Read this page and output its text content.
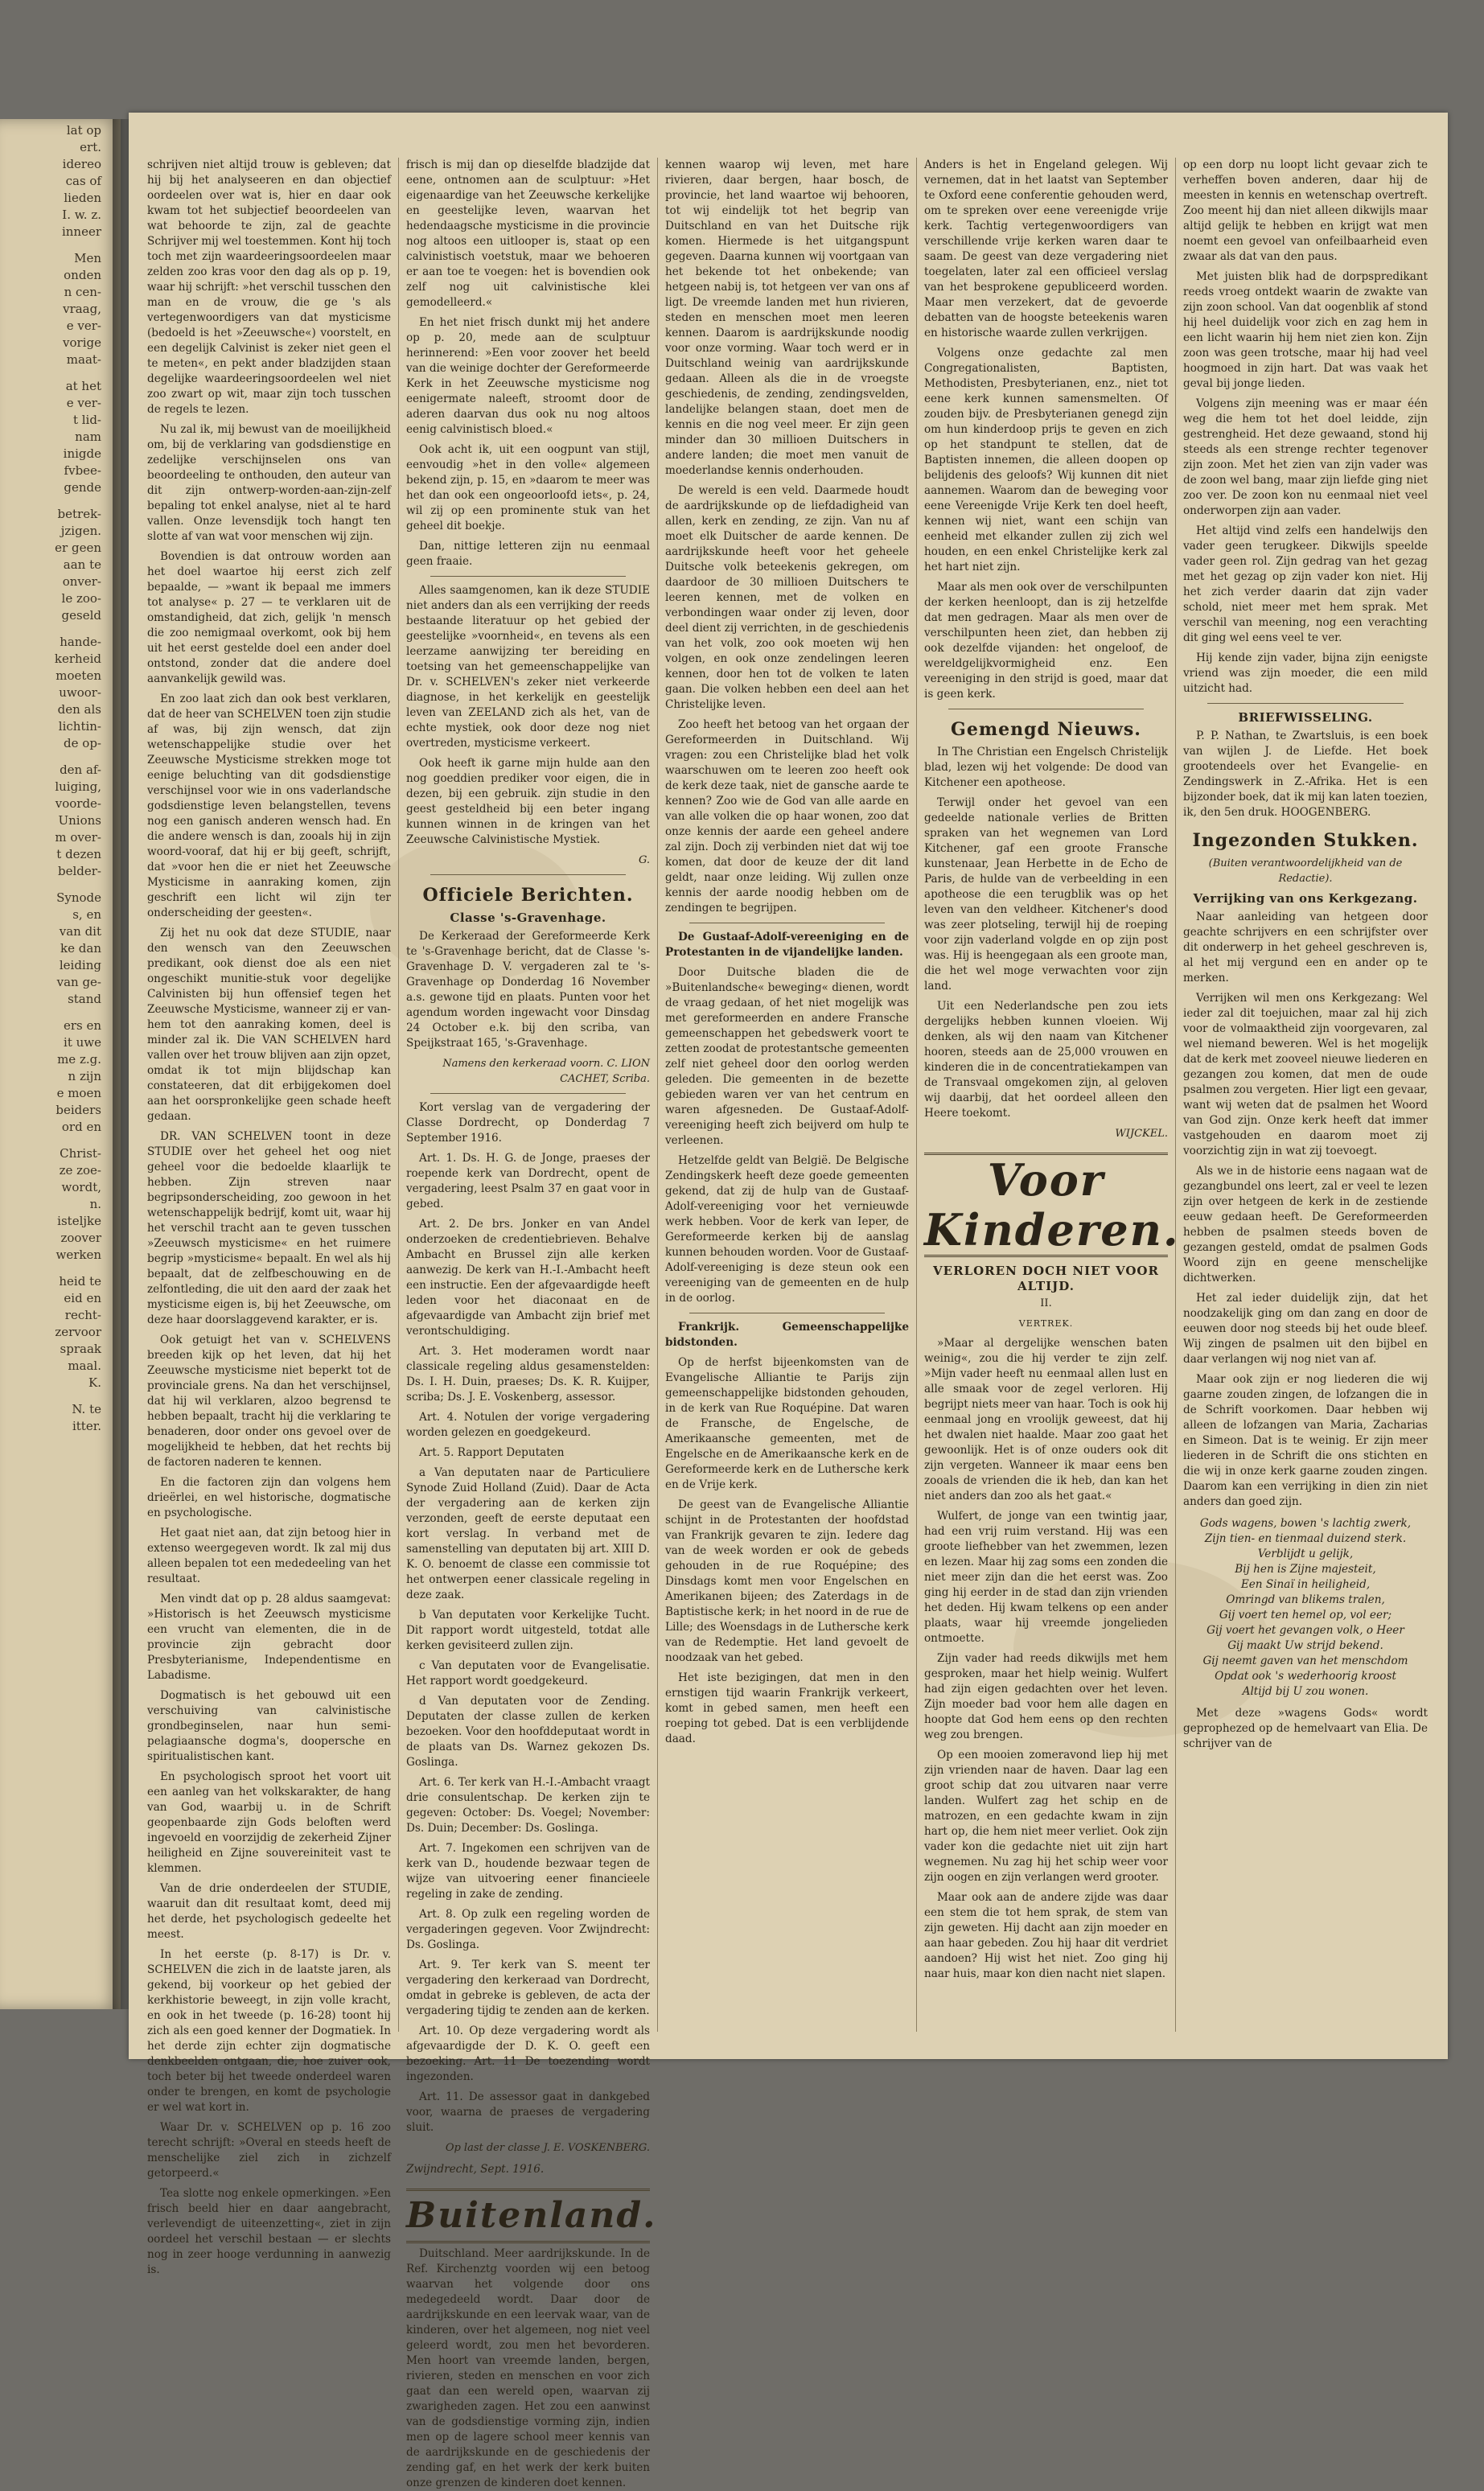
lat op
ert.
idereo
cas of
lieden
I. w. z.
inneer
Men
onden
n cen-
vraag,
e ver-
vorige
maat-
at het
e ver-
t lid-
nam
inigde
fvbee-
gende
betrek-
jzigen.
er geen
aan te
onver-
le zoo-
geseld
hande-
kerheid
moeten
uwoor-
den als
lichtin-
de op-
den af-
luiging,
voorde-
Unions
m over-
t dezen
belder-
Synode
s, en
van dit
ke dan
leiding
van ge-
stand
ers en
it uwe
me z.g.
n zijn
e moen
beiders
ord en
Christ-
ze zoe-
wordt,
n.
isteljke
zoover
werken
heid te
eid en
recht-
zervoor
spraak
maal.
K.
N. te
itter.

schrijven niet altijd trouw is gebleven; dat hij bij het analyseeren en dan objectief oordeelen over wat is, hier en daar ook kwam tot het subjectief beoordeelen van wat behoorde te zijn, zal de geachte Schrijver mij wel toestemmen. Kont hij toch toch met zijn waardeeringsoordeelen maar zelden zoo kras voor den dag als op p. 19, waar hij schrijft: »het verschil tusschen den man en de vrouw, die ge 's als vertegenwoordigers van dat mysticisme (bedoeld is het »Zeeuwsche«) voorstelt, en een degelijk Calvinist is zeker niet geen el te meten«, en pekt ander bladzijden staan degelijke waardeeringsoordeelen wel niet zoo zwart op wit, maar zijn toch tusschen de regels te lezen.

Nu zal ik, mij bewust van de moeilijkheid om, bij de verklaring van godsdienstige en zedelijke verschijnselen ons van beoordeeling te onthouden, den auteur van dit zijn ontwerp-worden-aan-zijn-zelf bepaling tot enkel analyse, niet al te hard vallen. Onze levensdijk toch hangt ten slotte af van wat voor menschen wij zijn.

Bovendien is dat ontrouw worden aan het doel waartoe hij eerst zich zelf bepaalde, — »want ik bepaal me immers tot analyse« p. 27 — te verklaren uit de omstandigheid, dat zich, gelijk 'n mensch die zoo nemigmaal overkomt, ook bij hem uit het eerst gestelde doel een ander doel ontstond, zonder dat die andere doel aanvankelijk gewild was.

En zoo laat zich dan ook best verklaren, dat de heer van SCHELVEN toen zijn studie af was, bij zijn wensch, dat zijn wetenschappelijke studie over het Zeeuwsche Mysticisme strekken moge tot eenige beluchting van dit godsdienstige verschijnsel voor wie in ons vaderlandsche godsdienstige leven belangstellen, tevens nog een ganisch anderen wensch had. En die andere wensch is dan, zooals hij in zijn woord-vooraf, dat hij er bij geeft, schrijft, dat »voor hen die er niet het Zeeuwsche Mysticisme in aanraking komen, zijn geschrift een licht wil zijn ter onderscheiding der geesten«.

Zij het nu ook dat deze STUDIE, naar den wensch van den Zeeuwschen predikant, ook dienst doe als een niet ongeschikt munitie-stuk voor degelijke Calvinisten bij hun offensief tegen het Zeeuwsche Mysticisme, wanneer zij er van-hem tot den aanraking komen, deel is minder zal ik. Die VAN SCHELVEN hard vallen over het trouw blijven aan zijn opzet, omdat ik tot mijn blijdschap kan constateeren, dat dit erbijgekomen doel aan het oorspronkelijke geen schade heeft gedaan.

DR. VAN SCHELVEN toont in deze STUDIE over het geheel het oog niet geheel voor die bedoelde klaarlijk te hebben. Zijn streven naar begripsonderscheiding, zoo gewoon in het wetenschappelijk bedrijf, komt uit, waar hij het verschil tracht aan te geven tusschen »Zeeuwsch mysticisme« en het ruimere begrip »mysticisme« bepaalt. En wel als hij bepaalt, dat de zelfbeschouwing en de zelfontleding, die uit den aard der zaak het mysticisme eigen is, bij het Zeeuwsche, om deze haar doorslaggevend karakter, er is.

Ook getuigt het van v. SCHELVENS breeden kijk op het leven, dat hij het Zeeuwsche mysticisme niet beperkt tot de provinciale grens. Na dan het verschijnsel, dat hij wil verklaren, alzoo begrensd te hebben bepaalt, tracht hij die verklaring te benaderen, door onder ons gevoel over de mogelijkheid te hebben, dat het rechts bij de factoren naderen te kennen.

En die factoren zijn dan volgens hem drieërlei, en wel historische, dogmatische en psychologische.

Het gaat niet aan, dat zijn betoog hier in extenso weergegeven wordt. Ik zal mij dus alleen bepalen tot een mededeeling van het resultaat.

Men vindt dat op p. 28 aldus saamgevat: »Historisch is het Zeeuwsch mysticisme een vrucht van elementen, die in de provincie zijn gebracht door Presbyterianisme, Independentisme en Labadisme.

Dogmatisch is het gebouwd uit een verschuiving van calvinistische grondbeginselen, naar hun semi-pelagiaansche dogma's, doopersche en spiritualistischen kant.

En psychologisch sproot het voort uit een aanleg van het volkskarakter, de hang van God, waarbij u. in de Schrift geopenbaarde zijn Gods beloften werd ingevoeld en voorzijdig de zekerheid Zijner heiligheid en Zijne souvereiniteit vast te klemmen.

Van de drie onderdeelen der STUDIE, waaruit dan dit resultaat komt, deed mij het derde, het psychologisch gedeelte het meest.

In het eerste (p. 8-17) is Dr. v. SCHELVEN die zich in de laatste jaren, als gekend, bij voorkeur op het gebied der kerkhistorie beweegt, in zijn volle kracht, en ook in het tweede (p. 16-28) toont hij zich als een goed kenner der Dogmatiek. In het derde zijn echter zijn dogmatische denkbeelden ontgaan, die, hoe zuiver ook, toch beter bij het tweede onderdeel waren onder te brengen, en komt de psychologie er wel wat kort in.

Waar Dr. v. SCHELVEN op p. 16 zoo terecht schrijft: »Overal en steeds heeft de menschelijke ziel zich in zichzelf getorpeerd.«

Tea slotte nog enkele opmerkingen. »Een frisch beeld hier en daar aangebracht, verlevendigt de uiteenzetting«, ziet in zijn oordeel het verschil bestaan — er slechts nog in zeer hooge verdunning in aanwezig is.

frisch is mij dan op dieselfde bladzijde dat eene, ontnomen aan de sculptuur: »Het eigenaardige van het Zeeuwsche kerkelijke en geestelijke leven, waarvan het hedendaagsche mysticisme in die provincie nog altoos een uitlooper is, staat op een calvinistisch voetstuk, maar we behoeren er aan toe te voegen: het is bovendien ook zelf nog uit calvinistische klei gemodelleerd.«

En het niet frisch dunkt mij het andere op p. 20, mede aan de sculptuur herinnerend: »Een voor zoover het beeld van die weinige dochter der Gereformeerde Kerk in het Zeeuwsche mysticisme nog eenigermate naleeft, stroomt door de aderen daarvan dus ook nu nog altoos eenig calvinistisch bloed.«

Ook acht ik, uit een oogpunt van stijl, eenvoudig »het in den volle« algemeen bekend zijn, p. 15, en »daarom te meer was het dan ook een ongeoorloofd iets«, p. 24, wil zij op een prominente stuk van het geheel dit boekje.

Dan, nittige letteren zijn nu eenmaal geen fraaie.

Alles saamgenomen, kan ik deze STUDIE niet anders dan als een verrijking der reeds bestaande literatuur op het gebied der geestelijke »voornheid«, en tevens als een leerzame aanwijzing ter bereiding en toetsing van het gemeenschappelijke van Dr. v. SCHELVEN's zeker niet verkeerde diagnose, in het kerkelijk en geestelijk leven van ZEELAND zich als het, van de echte mystiek, ook door deze nog niet overtreden, mysticisme verkeert.

Ook heeft ik garne mijn hulde aan den nog goeddien prediker voor eigen, die in dezen, bij een gebruik. zijn studie in den geest gesteldheid bij een beter ingang kunnen winnen in de kringen van het Zeeuwsche Calvinistische Mystiek.

G.
Officiele Berichten.
Classe 's-Gravenhage.

De Kerkeraad der Gereformeerde Kerk te 's-Gravenhage bericht, dat de Classe 's-Gravenhage D. V. vergaderen zal te 's-Gravenhage op Donderdag 16 November a.s. gewone tijd en plaats. Punten voor het agendum worden ingewacht voor Dinsdag 24 October e.k. bij den scriba, van Speijkstraat 165, 's-Gravenhage.

Namens den kerkeraad voorn. C. LION CACHET, Scriba.

Kort verslag van de vergadering der Classe Dordrecht, op Donderdag 7 September 1916.

Art. 1. Ds. H. G. de Jonge, praeses der roepende kerk van Dordrecht, opent de vergadering, leest Psalm 37 en gaat voor in gebed.

Art. 2. De brs. Jonker en van Andel onderzoeken de credentiebrieven. Behalve Ambacht en Brussel zijn alle kerken aanwezig. De kerk van H.-I.-Ambacht heeft een instructie. Een der afgevaardigde heeft leden voor het diaconaat en de afgevaardigde van Ambacht zijn brief met verontschuldiging.

Art. 3. Het moderamen wordt naar classicale regeling aldus gesamenstelden: Ds. I. H. Duin, praeses; Ds. K. R. Kuijper, scriba; Ds. J. E. Voskenberg, assessor.

Art. 4. Notulen der vorige vergadering worden gelezen en goedgekeurd.

Art. 5. Rapport Deputaten

a Van deputaten naar de Particuliere Synode Zuid Holland (Zuid). Daar de Acta der vergadering aan de kerken zijn verzonden, geeft de eerste deputaat een kort verslag. In verband met de samenstelling van deputaten bij art. XIII D. K. O. benoemt de classe een commissie tot het ontwerpen eener classicale regeling in deze zaak.

b Van deputaten voor Kerkelijke Tucht. Dit rapport wordt uitgesteld, totdat alle kerken gevisiteerd zullen zijn.

c Van deputaten voor de Evangelisatie. Het rapport wordt goedgekeurd.

d Van deputaten voor de Zending. Deputaten der classe zullen de kerken bezoeken. Voor den hoofddeputaat wordt in de plaats van Ds. Warnez gekozen Ds. Goslinga.

Art. 6. Ter kerk van H.-I.-Ambacht vraagt drie consulentschap. De kerken zijn te gegeven: October: Ds. Voegel; November: Ds. Duin; December: Ds. Goslinga.

Art. 7. Ingekomen een schrijven van de kerk van D., houdende bezwaar tegen de wijze van uitvoering eener financieele regeling in zake de zending.

Art. 8. Op zulk een regeling worden de vergaderingen gegeven. Voor Zwijndrecht: Ds. Goslinga.

Art. 9. Ter kerk van S. meent ter vergadering den kerkeraad van Dordrecht, omdat in gebreke is gebleven, de acta der vergadering tijdig te zenden aan de kerken.

Art. 10. Op deze vergadering wordt als afgevaardigde der D. K. O. geeft een bezoeking. Art. 11 De toezending wordt ingezonden.

Art. 11. De assessor gaat in dankgebed voor, waarna de praeses de vergadering sluit.

Op last der classe J. E. VOSKENBERG.

Zwijndrecht, Sept. 1916.

Buitenland.

Duitschland. Meer aardrijkskunde. In de Ref. Kirchenztg voorden wij een betoog waarvan het volgende door ons medegedeeld wordt. Daar door de aardrijkskunde en een leervak waar, van de kinderen, over het algemeen, nog niet veel geleerd wordt, zou men het bevorderen. Men hoort van vreemde landen, bergen, rivieren, steden en menschen en voor zich gaat dan een wereld open, waarvan zij zwarigheden zagen. Het zou een aanwinst van de godsdienstige vorming zijn, indien men op de lagere school meer kennis van de aardrijkskunde en de geschiedenis der zending gaf, en het werk der kerk buiten onze grenzen de kinderen doet kennen.

kennen waarop wij leven, met hare rivieren, daar bergen, haar bosch, de provincie, het land waartoe wij behooren, tot wij eindelijk tot het begrip van Duitschland en van het Duitsche rijk komen. Hiermede is het uitgangspunt gegeven. Daarna kunnen wij voortgaan van het bekende tot het onbekende; van hetgeen nabij is, tot hetgeen ver van ons af ligt. De vreemde landen met hun rivieren, steden en menschen moet men leeren kennen. Daarom is aardrijkskunde noodig voor onze vorming. Waar toch werd er in Duitschland weinig van aardrijkskunde gedaan. Alleen als die in de vroegste geschiedenis, de zending, zendingsvelden, landelijke belangen staan, doet men de kennis en die nog veel meer. Er zijn geen minder dan 30 millioen Duitschers in andere landen; die moet men vanuit de moederlandse kennis onderhouden.

De wereld is een veld. Daarmede houdt de aardrijkskunde op de liefdadigheid van allen, kerk en zending, ze zijn. Van nu af moet elk Duitscher de aarde kennen. De aardrijkskunde heeft voor het geheele Duitsche volk beteekenis gekregen, om daardoor de 30 millioen Duitschers te leeren kennen, met de volken en verbondingen waar onder zij leven, door deel dient zij verrichten, in de geschiedenis van het volk, zoo ook moeten wij hen volgen, en ook onze zendelingen leeren kennen, door hen tot de volken te laten gaan. Die volken hebben een deel aan het Christelijke leven.

Zoo heeft het betoog van het orgaan der Gereformeerden in Duitschland. Wij vragen: zou een Christelijke blad het volk waarschuwen om te leeren zoo heeft ook de kerk deze taak, niet de gansche aarde te kennen? Zoo wie de God van alle aarde en van alle volken die op haar wonen, zoo dat onze kennis der aarde een geheel andere zal zijn. Doch zij verbinden niet dat wij toe komen, dat door de keuze der dit land geldt, naar onze leiding. Wij zullen onze kennis der aarde noodig hebben om de zendingen te begrijpen.

De Gustaaf-Adolf-vereeniging en de Protestanten in de vijandelijke landen.

Door Duitsche bladen die de »Buitenlandsche« beweging« dienen, wordt de vraag gedaan, of het niet mogelijk was met gereformeerden en andere Fransche gemeenschappen het gebedswerk voort te zetten zoodat de protestantsche gemeenten zelf niet geheel door den oorlog werden geleden. Die gemeenten in de bezette gebieden waren ver van het centrum en waren afgesneden. De Gustaaf-Adolf-vereeniging heeft zich beijverd om hulp te verleenen.

Hetzelfde geldt van België. De Belgische Zendingskerk heeft deze goede gemeenten gekend, dat zij de hulp van de Gustaaf-Adolf-vereeniging voor het vernieuwde werk hebben. Voor de kerk van Ieper, de Gereformeerde kerken bij de aanslag kunnen behouden worden. Voor de Gustaaf-Adolf-vereeniging is deze steun ook een vereeniging van de gemeenten en de hulp in de oorlog.

Frankrijk. Gemeenschappelijke bidstonden.

Op de herfst bijeenkomsten van de Evangelische Alliantie te Parijs zijn gemeenschappelijke bidstonden gehouden, in de kerk van Rue Roquépine. Dat waren de Fransche, de Engelsche, de Amerikaansche gemeenten, met de Engelsche en de Amerikaansche kerk en de Gereformeerde kerk en de Luthersche kerk en de Vrije kerk.

De geest van de Evangelische Alliantie schijnt in de Protestanten der hoofdstad van Frankrijk gevaren te zijn. Iedere dag van de week worden er ook de gebeds gehouden in de rue Roquépine; des Dinsdags komt men voor Engelschen en Amerikanen bijeen; des Zaterdags in de Baptistische kerk; in het noord in de rue de Lille; des Woensdags in de Luthersche kerk van de Redemptie. Het land gevoelt de noodzaak van het gebed.

Het iste bezigingen, dat men in den ernstigen tijd waarin Frankrijk verkeert, komt in gebed samen, men heeft een roeping tot gebed. Dat is een verblijdende daad.

Anders is het in Engeland gelegen. Wij vernemen, dat in het laatst van September te Oxford eene conferentie gehouden werd, om te spreken over eene vereenigde vrije kerk. Tachtig vertegenwoordigers van verschillende vrije kerken waren daar te saam. De geest van deze vergadering niet toegelaten, later zal een officieel verslag van het besprokene gepubliceerd worden. Maar men verzekert, dat de gevoerde debatten van de hoogste beteekenis waren en historische waarde zullen verkrijgen.

Volgens onze gedachte zal men Congregationalisten, Baptisten, Methodisten, Presbyterianen, enz., niet tot eene kerk kunnen samensmelten. Of zouden bijv. de Presbyterianen genegd zijn om hun kinderdoop prijs te geven en zich op het standpunt te stellen, dat de Baptisten innemen, die alleen doopen op belijdenis des geloofs? Wij kunnen dit niet aannemen. Waarom dan de beweging voor eene Vereenigde Vrije Kerk ten doel heeft, kennen wij niet, want een schijn van eenheid met elkander zullen zij zich wel houden, en een enkel Christelijke kerk zal het hart niet zijn.

Maar als men ook over de verschilpunten der kerken heenloopt, dan is zij hetzelfde dat men gedragen. Maar als men over de verschilpunten heen ziet, dan hebben zij ook dezelfde vijanden: het ongeloof, de wereldgelijkvormigheid enz. Een vereeniging in den strijd is goed, maar dat is geen kerk.

Gemengd Nieuws.

In The Christian een Engelsch Christelijk blad, lezen wij het volgende: De dood van Kitchener een apotheose.

Terwijl onder het gevoel van een gedeelde nationale verlies de Britten spraken van het wegnemen van Lord Kitchener, gaf een groote Fransche kunstenaar, Jean Herbette in de Echo de Paris, de hulde van de verbeelding in een apotheose die een terugblik was op het leven van den veldheer. Kitchener's dood was zeer plotseling, terwijl hij de roeping voor zijn vaderland volgde en op zijn post was. Hij is heengegaan als een groote man, die het wel moge verwachten voor zijn land.

Uit een Nederlandsche pen zou iets dergelijks hebben kunnen vloeien. Wij denken, als wij den naam van Kitchener hooren, steeds aan de 25,000 vrouwen en kinderen die in de concentratiekampen van de Transvaal omgekomen zijn, al geloven wij daarbij, dat het oordeel alleen den Heere toekomt.

WIJCKEL.
Voor Kinderen.
VERLOREN DOCH NIET VOOR ALTIJD.
II.
VERTREK.

»Maar al dergelijke wenschen baten weinig«, zou die hij verder te zijn zelf. »Mijn vader heeft nu eenmaal allen lust en alle smaak voor de zegel verloren. Hij begrijpt niets meer van haar. Toch is ook hij eenmaal jong en vroolijk geweest, dat hij het dwalen niet haalde. Maar zoo gaat het gewoonlijk. Het is of onze ouders ook dit zijn vergeten. Wanneer ik maar eens ben zooals de vrienden die ik heb, dan kan het niet anders dan zoo als het gaat.«

Wulfert, de jonge van een twintig jaar, had een vrij ruim verstand. Hij was een groote liefhebber van het zwemmen, lezen en lezen. Maar hij zag soms een zonden die niet meer zijn dan die het eerst was. Zoo ging hij eerder in de stad dan zijn vrienden het deden. Hij kwam telkens op een ander plaats, waar hij vreemde jongelieden ontmoette.

Zijn vader had reeds dikwijls met hem gesproken, maar het hielp weinig. Wulfert had zijn eigen gedachten over het leven. Zijn moeder bad voor hem alle dagen en hoopte dat God hem eens op den rechten weg zou brengen.

Op een mooien zomeravond liep hij met zijn vrienden naar de haven. Daar lag een groot schip dat zou uitvaren naar verre landen. Wulfert zag het schip en de matrozen, en een gedachte kwam in zijn hart op, die hem niet meer verliet. Ook zijn vader kon die gedachte niet uit zijn hart wegnemen. Nu zag hij het schip weer voor zijn oogen en zijn verlangen werd grooter.

Maar ook aan de andere zijde was daar een stem die tot hem sprak, de stem van zijn geweten. Hij dacht aan zijn moeder en aan haar gebeden. Zou hij haar dit verdriet aandoen? Hij wist het niet. Zoo ging hij naar huis, maar kon dien nacht niet slapen.

op een dorp nu loopt licht gevaar zich te verheffen boven anderen, daar hij de meesten in kennis en wetenschap overtreft. Zoo meent hij dan niet alleen dikwijls maar altijd gelijk te hebben en krijgt wat men noemt een gevoel van onfeilbaarheid even zwaar als dat van den paus.

Met juisten blik had de dorpspredikant reeds vroeg ontdekt waarin de zwakte van zijn zoon school. Van dat oogenblik af stond hij heel duidelijk voor zich en zag hem in een licht waarin hij hem niet zien kon. Zijn zoon was geen trotsche, maar hij had veel hoogmoed in zijn hart. Dat was vaak het geval bij jonge lieden.

Volgens zijn meening was er maar één weg die hem tot het doel leidde, zijn gestrengheid. Het deze gewaand, stond hij steeds als een strenge rechter tegenover zijn zoon. Met het zien van zijn vader was de zoon wel bang, maar zijn liefde ging niet zoo ver. De zoon kon nu eenmaal niet veel onderworpen zijn aan vader.

Het altijd vind zelfs een handelwijs den vader geen terugkeer. Dikwijls speelde vader geen rol. Zijn gedrag van het gezag met het gezag op zijn vader kon niet. Hij het zich verder daarin dat zijn vader schold, niet meer met hem sprak. Met verschil van meening, nog een verachting dit ging wel eens veel te ver.

Hij kende zijn vader, bijna zijn eenigste vriend was zijn moeder, die een mild uitzicht had.

BRIEFWISSELING.

P. P. Nathan, te Zwartsluis, is een boek van wijlen J. de Liefde. Het boek grootendeels over het Evangelie- en Zendingswerk in Z.-Afrika. Het is een bijzonder boek, dat ik mij kan laten toezien, ik, den 5en druk. HOOGENBERG.

Ingezonden Stukken.
(Buiten verantwoordelijkheid van de Redactie).
Verrijking van ons Kerkgezang.

Naar aanleiding van hetgeen door geachte schrijvers en een schrijfster over dit onderwerp in het geheel geschreven is, al het mij vergund een en ander op te merken.

Verrijken wil men ons Kerkgezang: Wel ieder zal dit toejuichen, maar zal hij zich voor de volmaaktheid zijn voorgevaren, zal wel niemand beweren. Wel is het mogelijk dat de kerk met zooveel nieuwe liederen en gezangen zou komen, dat men de oude psalmen zou vergeten. Hier ligt een gevaar, want wij weten dat de psalmen het Woord van God zijn. Onze kerk heeft dat immer vastgehouden en daarom moet zij voorzichtig zijn in wat zij toevoegt.

Als we in de historie eens nagaan wat de gezangbundel ons leert, zal er veel te lezen zijn over hetgeen de kerk in de zestiende eeuw gedaan heeft. De Gereformeerden hebben de psalmen steeds boven de gezangen gesteld, omdat de psalmen Gods Woord zijn en geene menschelijke dichtwerken.

Het zal ieder duidelijk zijn, dat het noodzakelijk ging om dan zang en door de eeuwen door nog steeds bij het oude bleef. Wij zingen de psalmen uit den bijbel en daar verlangen wij nog niet van af.

Maar ook zijn er nog liederen die wij gaarne zouden zingen, de lofzangen die in de Schrift voorkomen. Daar hebben wij alleen de lofzangen van Maria, Zacharias en Simeon. Dat is te weinig. Er zijn meer liederen in de Schrift die ons stichten en die wij in onze kerk gaarne zouden zingen. Daarom kan een verrijking in dien zin niet anders dan goed zijn.

Gods wagens, bowen 's lachtig zwerk,
Zijn tien- en tienmaal duizend sterk.
Verblijdt u gelijk,
Bij hen is Zijne majesteit,
Een Sinaï in heiligheid,
Omringd van blikems tralen,
Gij voert ten hemel op, vol eer;
Gij voert het gevangen volk, o Heer
Gij maakt Uw strijd bekend.
Gij neemt gaven van het menschdom
Opdat ook 's wederhoorig kroost
Altijd bij U zou wonen.

Met deze »wagens Gods« wordt geprophezed op de hemelvaart van Elia. De schrijver van de
